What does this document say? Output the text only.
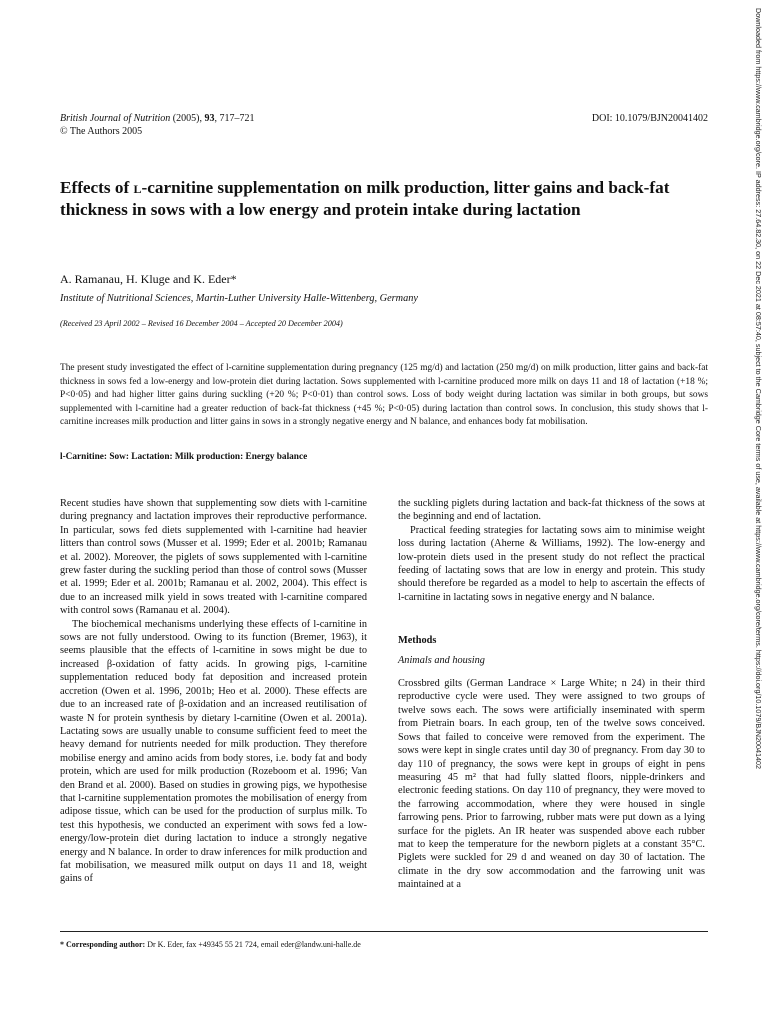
British Journal of Nutrition (2005), 93, 717–721
© The Authors 2005
DOI: 10.1079/BJN20041402
Effects of l-carnitine supplementation on milk production, litter gains and back-fat thickness in sows with a low energy and protein intake during lactation
A. Ramanau, H. Kluge and K. Eder*
Institute of Nutritional Sciences, Martin-Luther University Halle-Wittenberg, Germany
(Received 23 April 2002 – Revised 16 December 2004 – Accepted 20 December 2004)

The present study investigated the effect of l-carnitine supplementation during pregnancy (125 mg/d) and lactation (250 mg/d) on milk production, litter gains and back-fat thickness in sows fed a low-energy and low-protein diet during lactation. Sows supplemented with l-carnitine produced more milk on days 11 and 18 of lactation (+18 %; P<0·05) and had higher litter gains during suckling (+20 %; P<0·01) than control sows. Loss of body weight during lactation was similar in both groups, but sows supplemented with l-carnitine had a greater reduction of back-fat thickness (+45 %; P<0·05) during lactation than control sows. In conclusion, this study shows that l-carnitine increases milk production and litter gains in sows in a strongly negative energy and N balance, and enhances body fat mobilisation.

l-Carnitine: Sow: Lactation: Milk production: Energy balance

Recent studies have shown that supplementing sow diets with l-carnitine during pregnancy and lactation improves their reproductive performance. In particular, sows fed diets supplemented with l-carnitine had heavier litters than control sows (Musser et al. 1999; Eder et al. 2001b; Ramanau et al. 2002). Moreover, the piglets of sows supplemented with l-carnitine grew faster during the suckling period than those of control sows (Musser et al. 1999; Eder et al. 2001b; Ramanau et al. 2002, 2004). This effect is due to an increased milk yield in sows treated with l-carnitine compared with control sows (Ramanau et al. 2004).

The biochemical mechanisms underlying these effects of l-carnitine in sows are not fully understood. Owing to its function (Bremer, 1963), it seems plausible that the effects of l-carnitine in sows might be due to increased β-oxidation of fatty acids. In growing pigs, l-carnitine supplementation reduced body fat deposition and increased protein accretion (Owen et al. 1996, 2001b; Heo et al. 2000). These effects are due to an increased rate of β-oxidation and an increased reutilisation of waste N for protein synthesis by dietary l-carnitine (Owen et al. 2001a). Lactating sows are usually unable to consume sufficient feed to meet the heavy demand for nutrients needed for milk production. They therefore mobilise energy and amino acids from body stores, i.e. body fat and body protein, which are used for milk production (Rozeboom et al. 1996; Van den Brand et al. 2000). Based on studies in growing pigs, we hypothesise that l-carnitine supplementation promotes the mobilisation of energy from adipose tissue, which can be used for the production of surplus milk. To test this hypothesis, we conducted an experiment with sows fed a low-energy/low-protein diet during lactation to induce a strongly negative energy and N balance. In order to draw inferences for milk production and fat mobilisation, we measured milk output on days 11 and 18, weight gains of

the suckling piglets during lactation and back-fat thickness of the sows at the beginning and end of lactation.

Practical feeding strategies for lactating sows aim to minimise weight loss during lactation (Aherne & Williams, 1992). The low-energy and low-protein diets used in the present study do not reflect the practical feeding of lactating sows that are low in energy and protein. This study should therefore be regarded as a model to help to ascertain the effects of l-carnitine in lactating sows in negative energy and N balance.

Methods
Animals and housing

Crossbred gilts (German Landrace × Large White; n 24) in their third reproductive cycle were used. They were assigned to two groups of twelve sows each. The sows were artificially inseminated with sperm from Pietrain boars. In each group, ten of the twelve sows conceived. Sows that failed to conceive were removed from the experiment. The sows were kept in single crates until day 30 of pregnancy. From day 30 to day 110 of pregnancy, the sows were kept in groups of eight in pens measuring 45 m² that had fully slatted floors, nipple-drinkers and electronic feeding stations. On day 110 of pregnancy, they were moved to the farrowing accommodation, where they were housed in single farrowing pens. Prior to farrowing, rubber mats were put down as a lying surface for the piglets. An IR heater was suspended above each rubber mat to keep the temperature for the newborn piglets at a constant 35°C. Piglets were suckled for 29 d and weaned on day 30 of lactation. The climate in the dry sow accommodation and the farrowing unit was maintained at a

* Corresponding author: Dr K. Eder, fax +49345 55 21 724, email eder@landw.uni-halle.de
Downloaded from https://www.cambridge.org/core. IP address: 27.64.82.30, on 22 Dec 2021 at 08:57:40, subject to the Cambridge Core terms of use, available at https://www.cambridge.org/core/terms. https://doi.org/10.1079/BJN20041402
